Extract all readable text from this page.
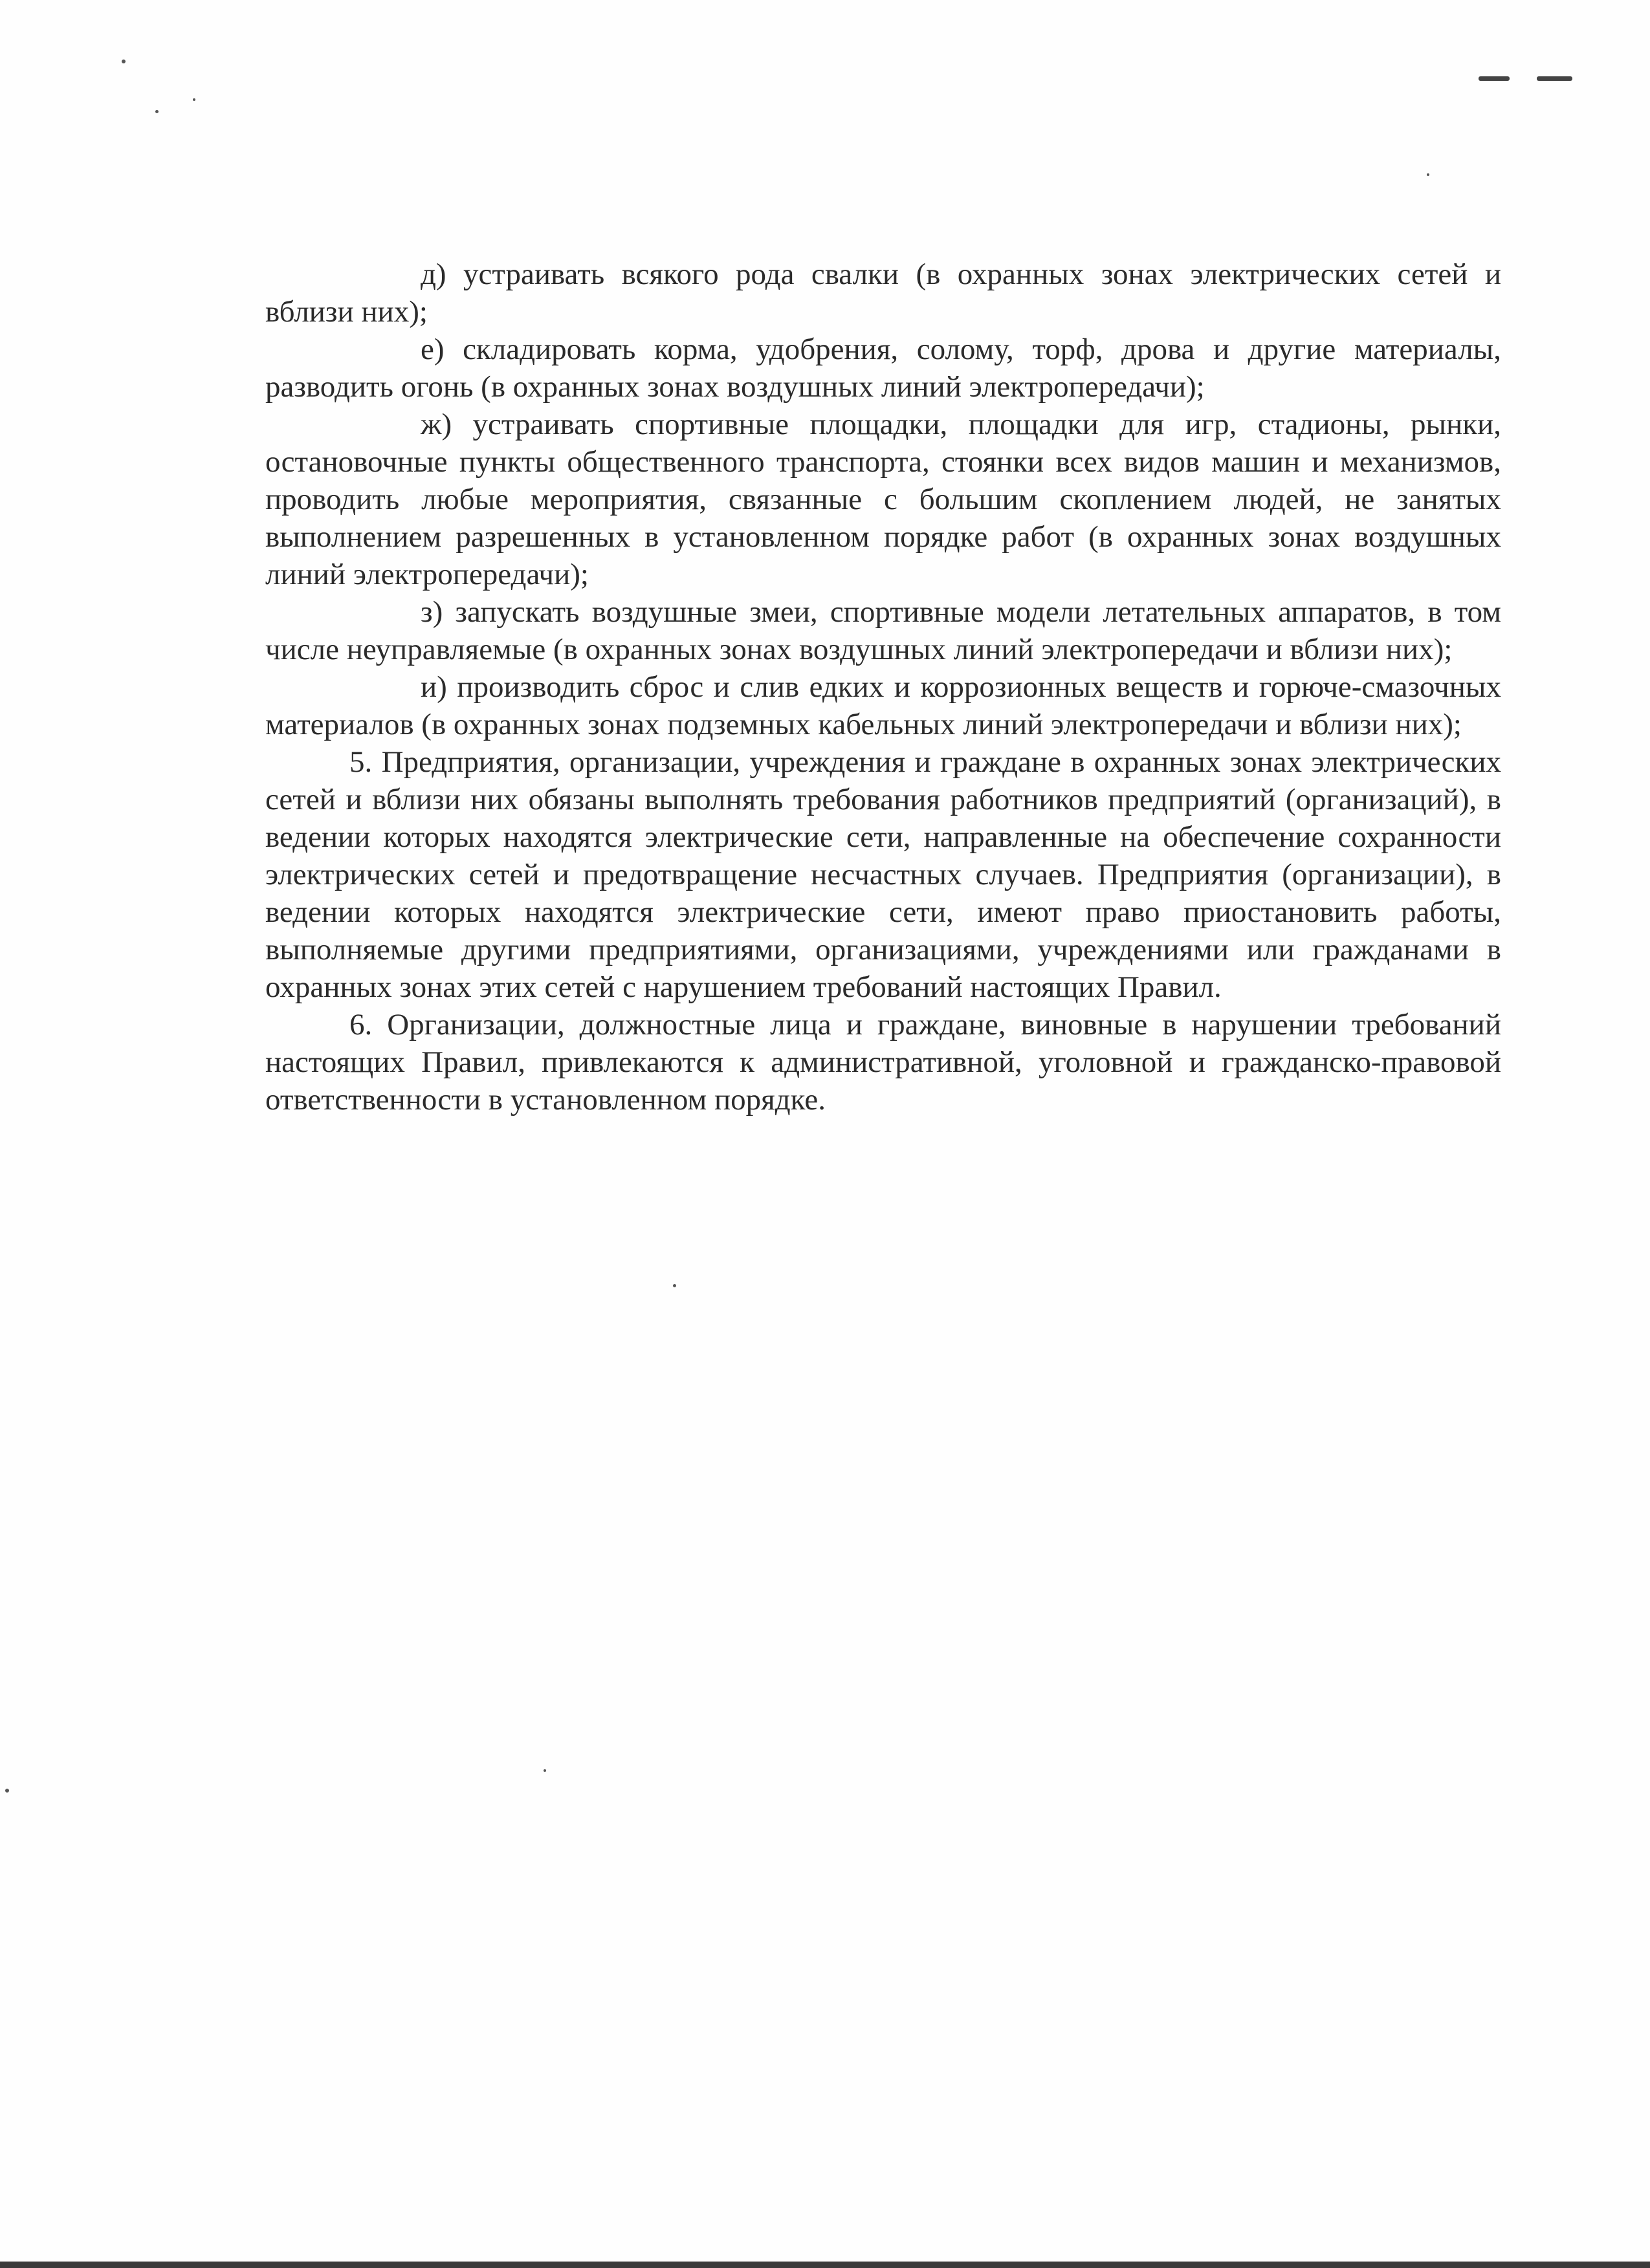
д) устраивать всякого рода свалки (в охранных зонах электрических сетей и вблизи них);

е) складировать корма, удобрения, солому, торф, дрова и другие материалы, разводить огонь (в охранных зонах воздушных линий электропередачи);

ж) устраивать спортивные площадки, площадки для игр, стадионы, рынки, остановочные пункты общественного транспорта, стоянки всех видов машин и механизмов, проводить любые мероприятия, связанные с большим скоплением людей, не занятых выполнением разрешенных в установленном порядке работ (в охранных зонах воздушных линий электропередачи);

з) запускать воздушные змеи, спортивные модели летательных аппаратов, в том числе неуправляемые (в охранных зонах воздушных линий электропередачи и вблизи них);

и) производить сброс и слив едких и коррозионных веществ и горюче-смазочных материалов (в охранных зонах подземных кабельных линий электропередачи и вблизи них);

5. Предприятия, организации, учреждения и граждане в охранных зонах электрических сетей и вблизи них обязаны выполнять требования работников предприятий (организаций), в ведении которых находятся электрические сети, направленные на обеспечение сохранности электрических сетей и предотвращение несчастных случаев. Предприятия (организации), в ведении которых находятся электрические сети, имеют право приостановить работы, выполняемые другими предприятиями, организациями, учреждениями или гражданами в охранных зонах этих сетей с нарушением требований настоящих Правил.

6. Организации, должностные лица и граждане, виновные в нарушении требований настоящих Правил, привлекаются к административной, уголовной и гражданско-правовой ответственности в установленном порядке.
